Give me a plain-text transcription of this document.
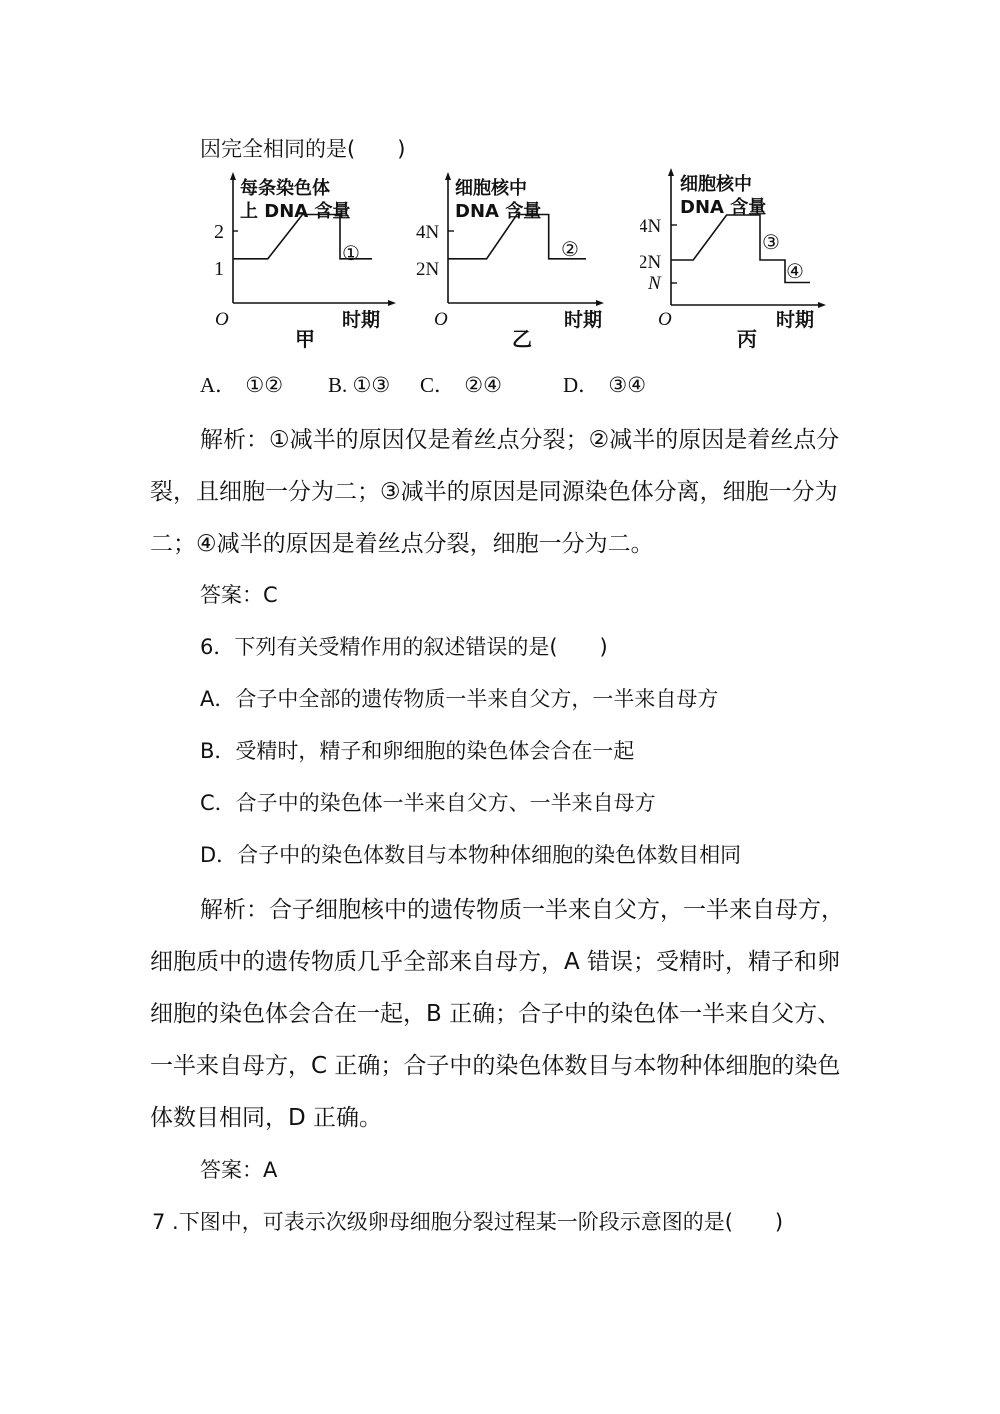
因完全相同的是(　　)
每条染色体
上 DNA 含量
2
1
①
O	时期
甲
细胞核中
DNA 含量
4N
2N
②
O	时期
乙
细胞核中
DNA 含量
4N
2N
N
③
④
O	时期
丙
A． ①② B. ①③ C． ②④	D． ③④
解析：①减半的原因仅是着丝点分裂；②减半的原因是着丝点分
裂，且细胞一分为二；③减半的原因是同源染色体分离，细胞一分为
二；④减半的原因是着丝点分裂，细胞一分为二。
答案：C
6．下列有关受精作用的叙述错误的是(　　)
A．合子中全部的遗传物质一半来自父方，一半来自母方
B．受精时，精子和卵细胞的染色体会合在一起
C．合子中的染色体一半来自父方、一半来自母方
D．合子中的染色体数目与本物种体细胞的染色体数目相同
解析：合子细胞核中的遗传物质一半来自父方，一半来自母方，
细胞质中的遗传物质几乎全部来自母方，A 错误；受精时，精子和卵
细胞的染色体会合在一起，B 正确；合子中的染色体一半来自父方、
一半来自母方，C 正确；合子中的染色体数目与本物种体细胞的染色
体数目相同，D 正确。
答案：A
7 .下图中，可表示次级卵母细胞分裂过程某一阶段示意图的是(　　)
